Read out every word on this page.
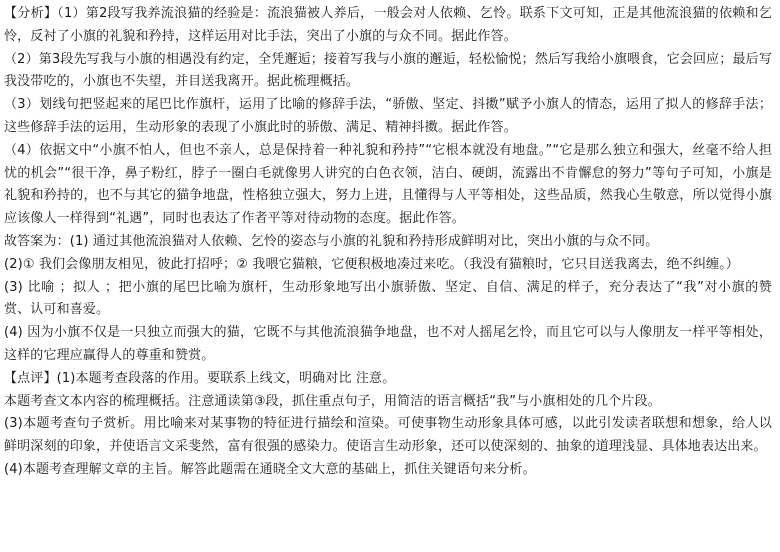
【分析】（1）第2段写我养流浪猫的经验是：流浪猫被人养后，一般会对人依赖、乞怜。联系下文可知，正是其他流浪猫的依赖和乞怜，反衬了小旗的礼貌和矜持，这样运用对比手法，突出了小旗的与众不同。据此作答。

（2）第3段先写我与小旗的相遇没有约定，全凭邂逅；接着写我与小旗的邂逅，轻松愉悦；然后写我给小旗喂食，它会回应；最后写我没带吃的，小旗也不失望，并目送我离开。据此梳理概括。

（3）划线句把竖起来的尾巴比作旗杆，运用了比喻的修辞手法，“骄傲、坚定、抖擞”赋予小旗人的情态，运用了拟人的修辞手法；这些修辞手法的运用，生动形象的表现了小旗此时的骄傲、满足、精神抖擞。据此作答。

（4）依据文中“小旗不怕人，但也不亲人，总是保持着一种礼貌和矜持”“它根本就没有地盘。”“它是那么独立和强大，丝毫不给人担忧的机会”“很干净，鼻子粉红，脖子一圈白毛就像男人讲究的白色衣领，洁白、硬朗，流露出不肯懈怠的努力”等句子可知，小旗是礼貌和矜持的，也不与其它的猫争地盘，性格独立强大，努力上进，且懂得与人平等相处，这些品质，然我心生敬意，所以觉得小旗应该像人一样得到“礼遇”，同时也表达了作者平等对待动物的态度。据此作答。

故答案为：(1) 通过其他流浪猫对人依赖、乞怜的姿态与小旗的礼貌和矜持形成鲜明对比，突出小旗的与众不同。

(2)① 我们会像朋友相见，彼此打招呼；② 我喂它猫粮，它便积极地凑过来吃。（我没有猫粮时，它只目送我离去，绝不纠缠。）

(3) 比喻 ；拟人 ；把小旗的尾巴比喻为旗杆，生动形象地写出小旗骄傲、坚定、自信、满足的样子，充分表达了“我”对小旗的赞赏、认可和喜爱。

(4) 因为小旗不仅是一只独立而强大的猫，它既不与其他流浪猫争地盘，也不对人摇尾乞怜，而且它可以与人像朋友一样平等相处，这样的它理应赢得人的尊重和赞赏。

【点评】(1)本题考查段落的作用。要联系上线文，明确对比 注意。

本题考查文本内容的梳理概括。注意通读第③段，抓住重点句子，用简洁的语言概括“我”与小旗相处的几个片段。

(3)本题考查句子赏析。用比喻来对某事物的特征进行描绘和渲染。可使事物生动形象具体可感，以此引发读者联想和想象，给人以鲜明深刻的印象，并使语言文采斐然，富有很强的感染力。使语言生动形象，还可以使深刻的、抽象的道理浅显、具体地表达出来。

(4)本题考查理解文章的主旨。解答此题需在通晓全文大意的基础上，抓住关键语句来分析。
